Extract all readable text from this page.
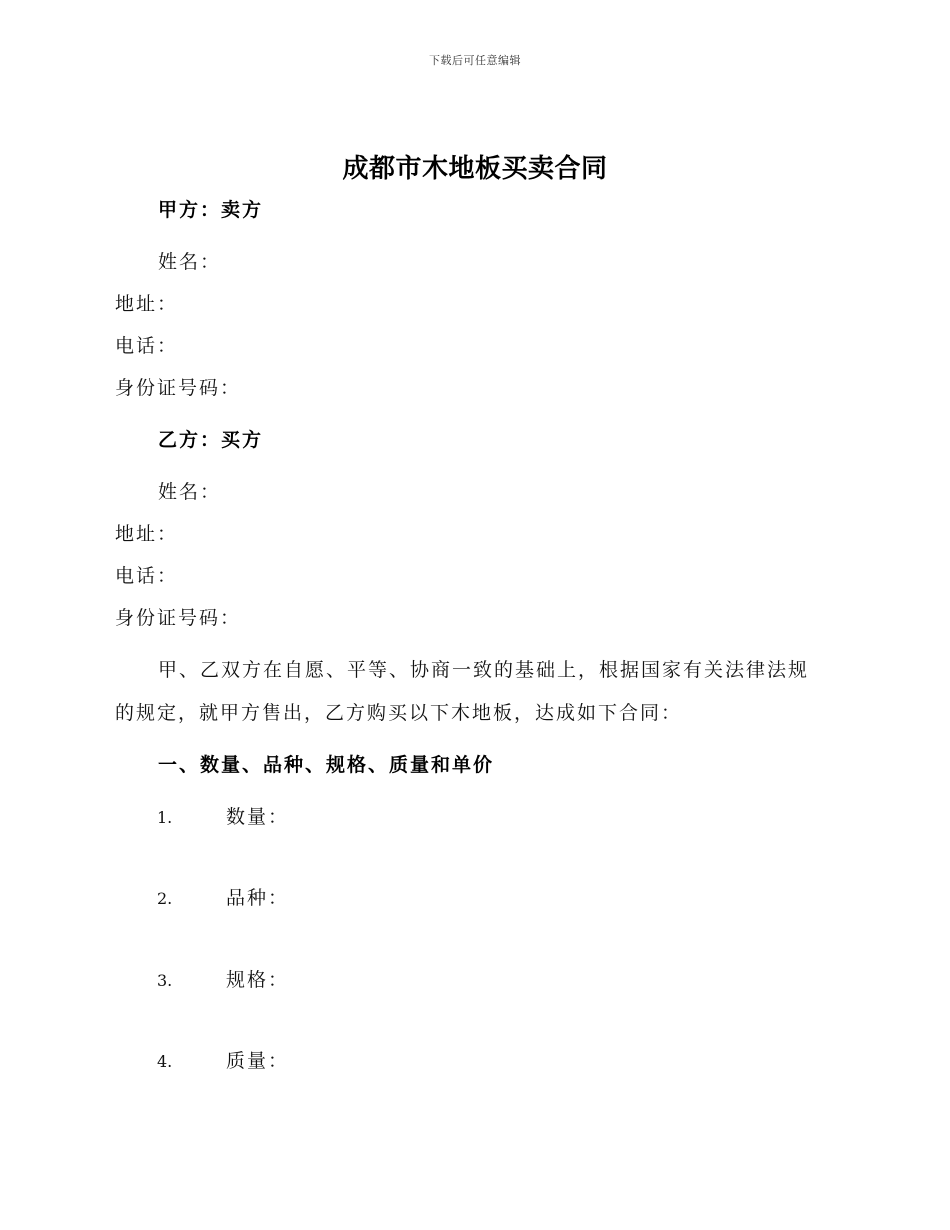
下载后可任意编辑
成都市木地板买卖合同
甲方：卖方
姓名：
地址：
电话：
身份证号码：
乙方：买方
姓名：
地址：
电话：
身份证号码：
甲、乙双方在自愿、平等、协商一致的基础上，根据国家有关法律法规
的规定，就甲方售出，乙方购买以下木地板，达成如下合同：
一、数量、品种、规格、质量和单价
1.	数量：
2.	品种：
3.	规格：
4.	质量：
